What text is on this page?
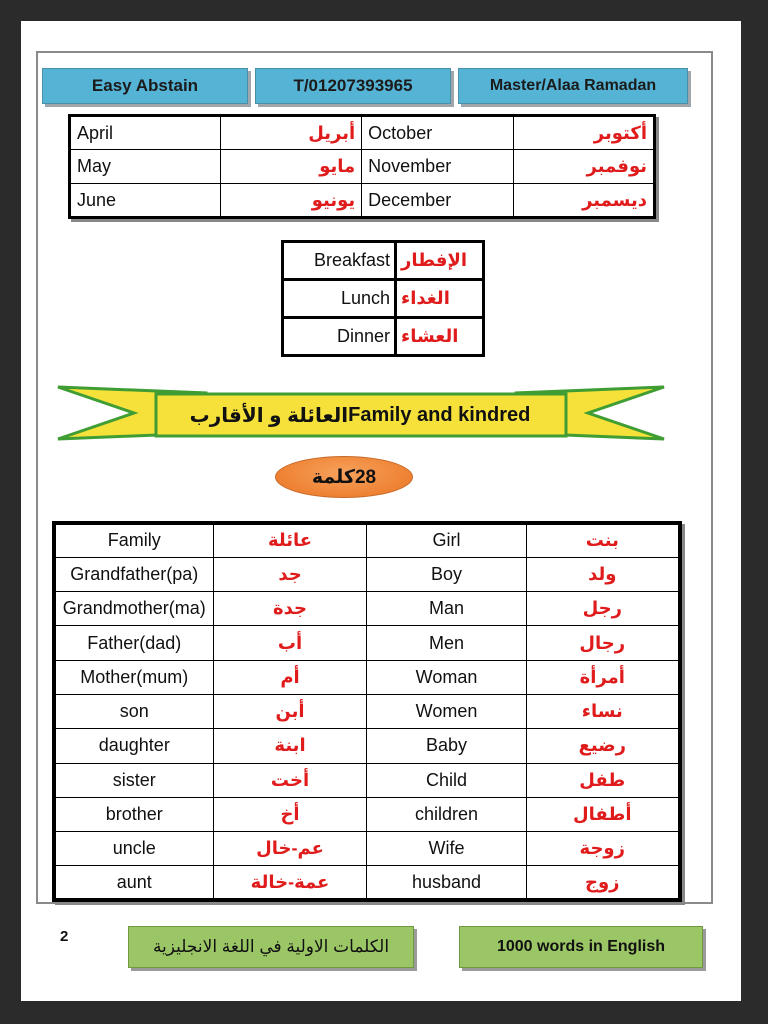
Easy Abstain	T/01207393965	Master/Alaa Ramadan
April	أبريل	October	أكتوبر
May	مايو	November	نوفمبر
June	يونيو	December	ديسمبر
Breakfast	الإفطار
Lunch	الغداء
Dinner	العشاء
العائلة و الأقارب Family and kindred
28كلمة
Family	عائلة	Girl	بنت
Grandfather(pa)	جد	Boy	ولد
Grandmother(ma)	جدة	Man	رجل
Father(dad)	أب	Men	رجال
Mother(mum)	أم	Woman	أمرأة
son	أبن	Women	نساء
daughter	ابنة	Baby	رضيع
sister	أخت	Child	طفل
brother	أخ	children	أطفال
uncle	عم-خال	Wife	زوجة
aunt	عمة-خالة	husband	زوج
2
الكلمات الاولية في اللغة الانجليزية	1000 words in English
